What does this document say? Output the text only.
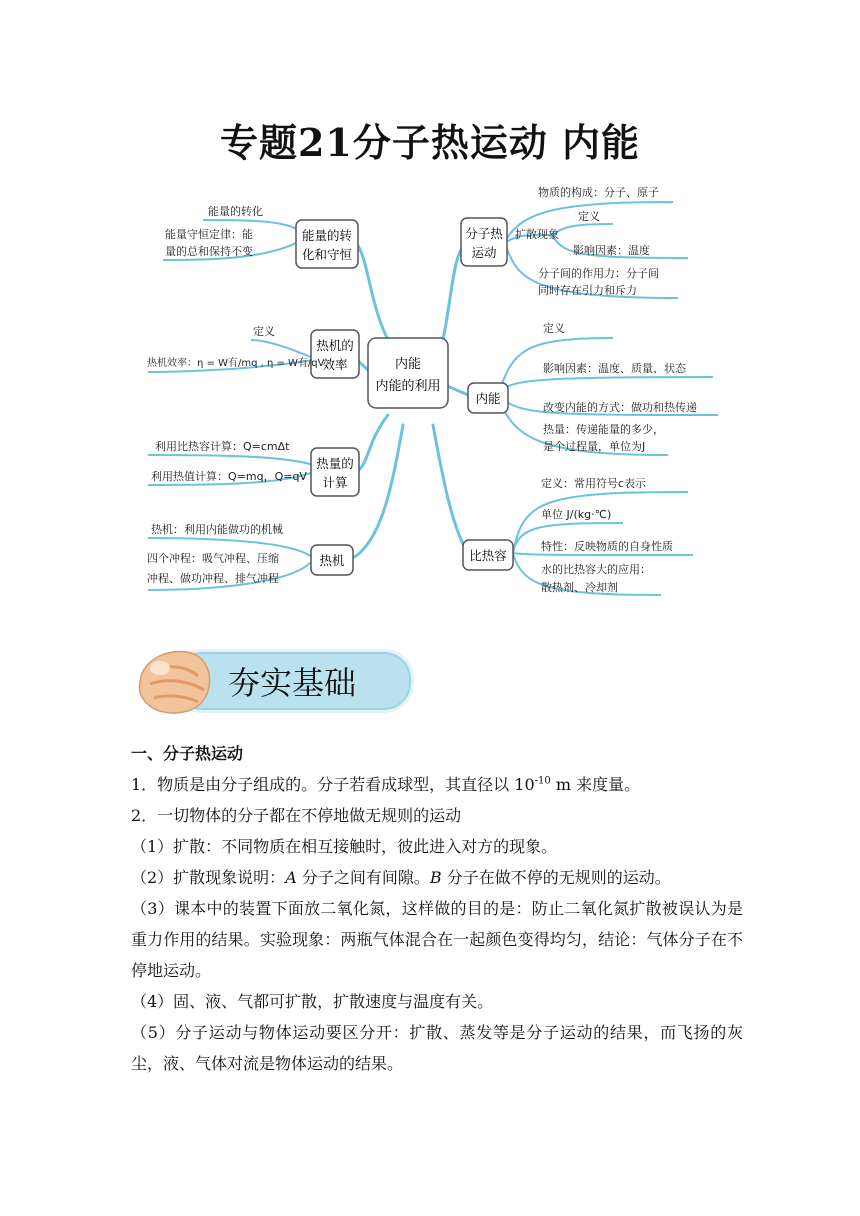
专题21分子热运动 内能
内能
内能的利用
能量的转
化和守恒
热机的
效率
热量的
计算
热机
分子热
运动
内能
比热容
能量的转化
能量守恒定律：能
量的总和保持不变
定义
热机效率：η = W有/mq , η = W有/qV
利用比热容计算：Q=cmΔt
利用热值计算：Q=mq，Q=qV
热机：利用内能做功的机械
四个冲程：吸气冲程、压缩
冲程、做功冲程、排气冲程
物质的构成：分子、原子
扩散现象
定义
影响因素：温度
分子间的作用力：分子间
同时存在引力和斥力
定义
影响因素：温度、质量、状态
改变内能的方式：做功和热传递
热量：传递能量的多少，
是个过程量，单位为J
定义：常用符号c表示
单位 J/(kg·℃)
特性：反映物质的自身性质
水的比热容大的应用：
散热剂、冷却剂
夯实基础

一、分子热运动

1．物质是由分子组成的。分子若看成球型，其直径以 $10^{-10}$ m 来度量。

2．一切物体的分子都在不停地做无规则的运动

（1）扩散：不同物质在相互接触时，彼此进入对方的现象。

（2）扩散现象说明：A 分子之间有间隙。B 分子在做不停的无规则的运动。

（3）课本中的装置下面放二氧化氮，这样做的目的是：防止二氧化氮扩散被误认为是重力作用的结果。实验现象：两瓶气体混合在一起颜色变得均匀，结论：气体分子在不停地运动。

（4）固、液、气都可扩散，扩散速度与温度有关。

（5）分子运动与物体运动要区分开：扩散、蒸发等是分子运动的结果，而飞扬的灰尘，液、气体对流是物体运动的结果。
